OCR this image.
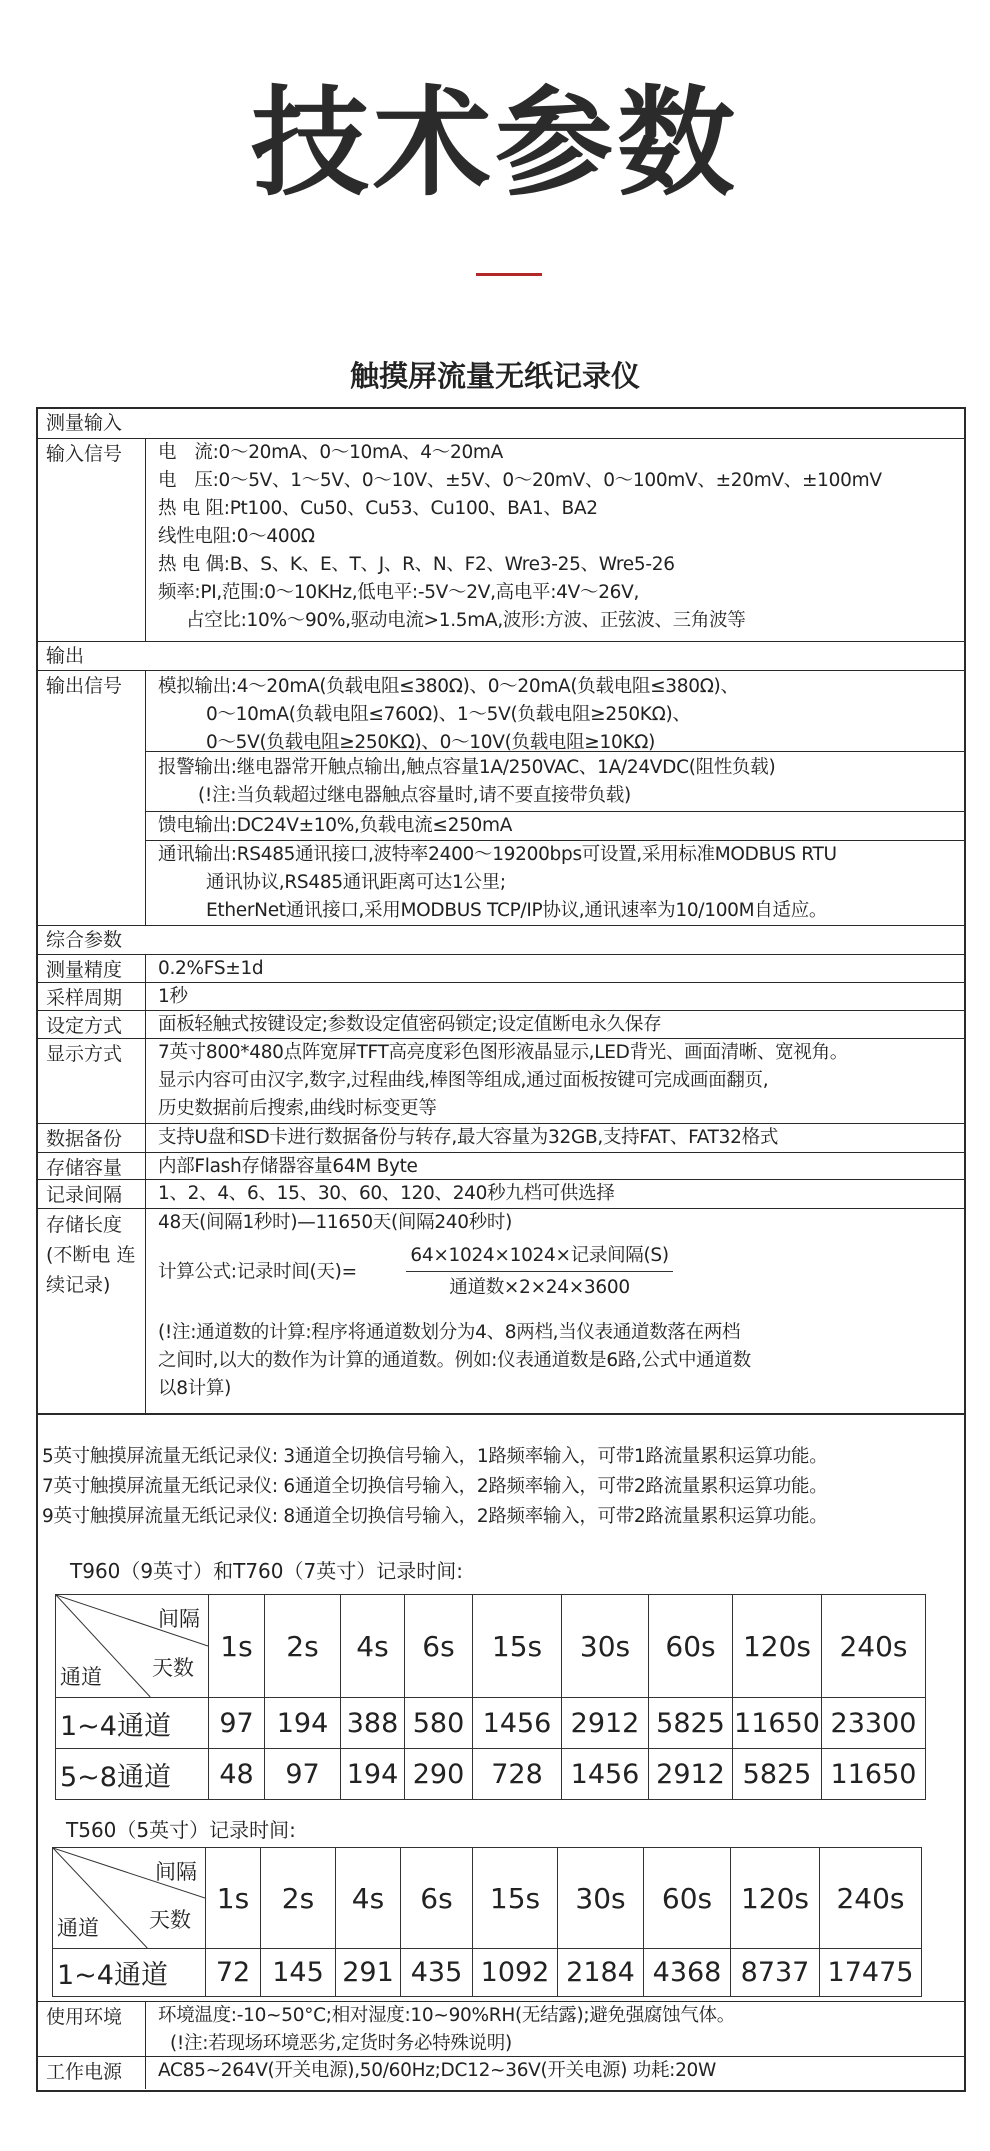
技术参数
触摸屏流量无纸记录仪
测量输入
输入信号	电　流:0～20mA、0～10mA、4～20mA
电　压:0～5V、1～5V、0～10V、±5V、0～20mV、0～100mV、±20mV、±100mV
热 电 阻:Pt100、Cu50、Cu53、Cu100、BA1、BA2
线性电阻:0～400Ω
热 电 偶:B、S、K、E、T、J、R、N、F2、Wre3-25、Wre5-26
频率:PI,范围:0～10KHz,低电平:-5V～2V,高电平:4V～26V,
占空比:10%～90%,驱动电流>1.5mA,波形:方波、正弦波、三角波等
输出
输出信号	模拟输出:4～20mA(负载电阻≤380Ω)、0～20mA(负载电阻≤380Ω)、
0～10mA(负载电阻≤760Ω)、1～5V(负载电阻≥250KΩ)、
0～5V(负载电阻≥250KΩ)、0～10V(负载电阻≥10KΩ)
报警输出:继电器常开触点输出,触点容量1A/250VAC、1A/24VDC(阻性负载)
(!注:当负载超过继电器触点容量时,请不要直接带负载)
馈电输出:DC24V±10%,负载电流≤250mA
通讯输出:RS485通讯接口,波特率2400～19200bps可设置,采用标准MODBUS RTU
通讯协议,RS485通讯距离可达1公里;
EtherNet通讯接口,采用MODBUS TCP/IP协议,通讯速率为10/100M自适应。
综合参数
测量精度	0.2%FS±1d
采样周期	1秒
设定方式	面板轻触式按键设定;参数设定值密码锁定;设定值断电永久保存
显示方式	7英寸800*480点阵宽屏TFT高亮度彩色图形液晶显示,LED背光、画面清晰、宽视角。
显示内容可由汉字,数字,过程曲线,棒图等组成,通过面板按键可完成画面翻页,
历史数据前后搜索,曲线时标变更等
数据备份	支持U盘和SD卡进行数据备份与转存,最大容量为32GB,支持FAT、FAT32格式
存储容量	内部Flash存储器容量64M Byte
记录间隔	1、2、4、6、15、30、60、120、240秒九档可供选择
存储长度 (不断电 连续记录)
48天(间隔1秒时)—11650天(间隔240秒时)
计算公式:记录时间(天)=	$\frac{\text{64×1024×1024×记录间隔(S)}}{\text{通道数×2×24×3600}}$
(!注:通道数的计算:程序将通道数划分为4、8两档,当仪表通道数落在两档
之间时,以大的数作为计算的通道数。例如:仪表通道数是6路,公式中通道数
以8计算)
使用环境	环境温度:-10~50°C;相对湿度:10~90%RH(无结露);避免强腐蚀气体。
(!注:若现场环境恶劣,定货时务必特殊说明)
工作电源	AC85~264V(开关电源),50/60Hz;DC12~36V(开关电源) 功耗:20W
5英寸触摸屏流量无纸记录仪: 3通道全切换信号输入，1路频率输入，可带1路流量累积运算功能。
7英寸触摸屏流量无纸记录仪: 6通道全切换信号输入，2路频率输入，可带2路流量累积运算功能。
9英寸触摸屏流量无纸记录仪: 8通道全切换信号输入，2路频率输入，可带2路流量累积运算功能。
T960（9英寸）和T760（7英寸）记录时间:
间隔
天数
通道	1s	2s	4s	6s	15s	30s	60s	120s	240s
1~4通道	97	194	388	580	1456	2912	5825	11650	23300
5~8通道	48	97	194	290	728	1456	2912	5825	11650
T560（5英寸）记录时间:
间隔
天数
通道	1s	2s	4s	6s	15s	30s	60s	120s	240s
1~4通道	72	145	291	435	1092	2184	4368	8737	17475
